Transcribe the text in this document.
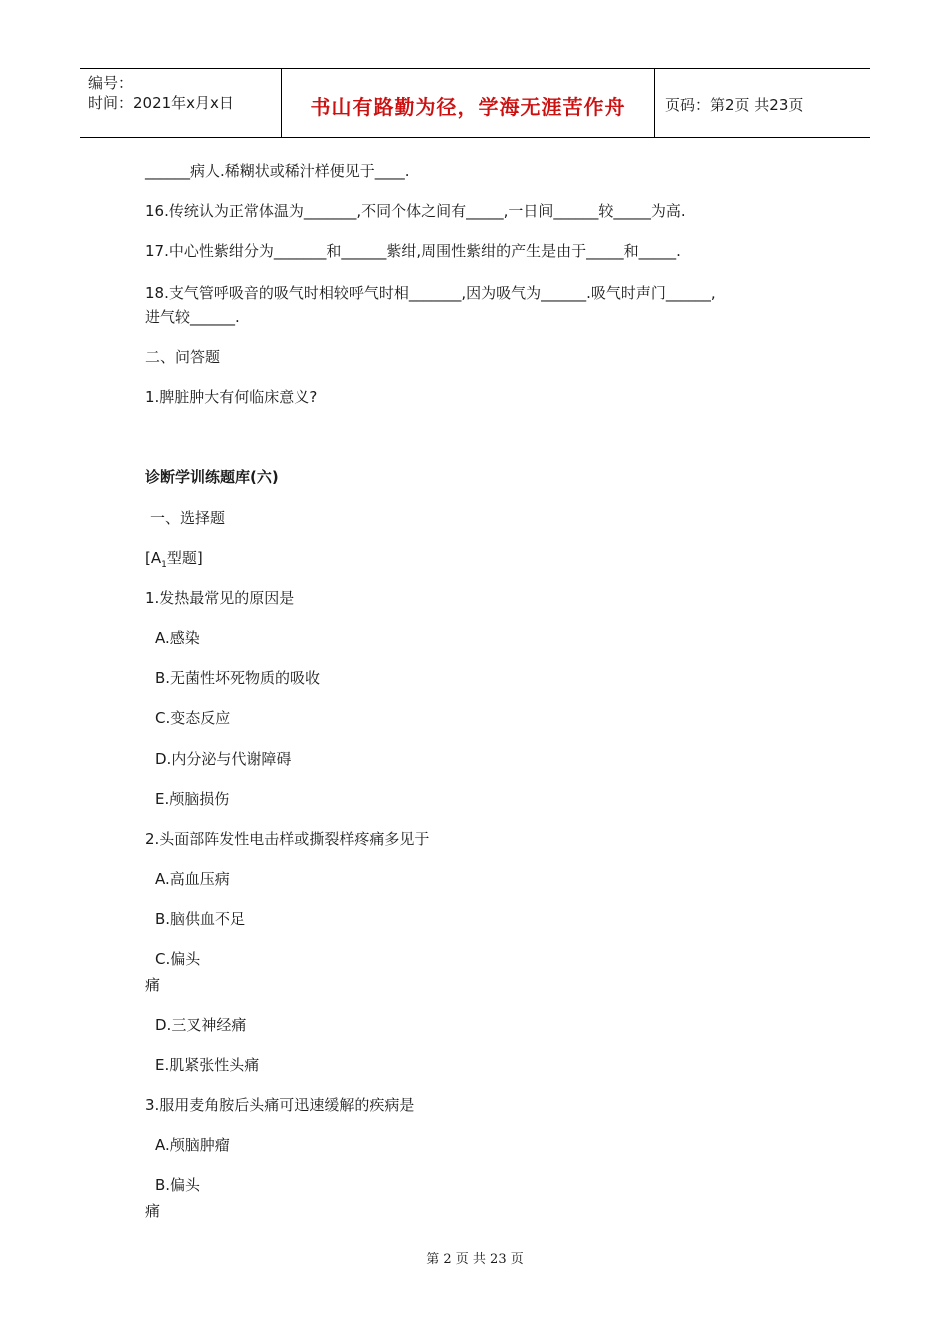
编号：
时间：2021年x月x日	书山有路勤为径，学海无涯苦作舟	页码：第2页 共23页
______病人.稀糊状或稀汁样便见于____.
16.传统认为正常体温为_______,不同个体之间有_____,一日间______较_____为高.
17.中心性紫绀分为_______和______紫绀,周围性紫绀的产生是由于_____和_____.
18.支气管呼吸音的吸气时相较呼气时相_______,因为吸气为______.吸气时声门______,
进气较______.
二、问答题
1.脾脏肿大有何临床意义?
诊断学训练题库(六)
一、选择题
[$A_1$型题]
1.发热最常见的原因是
A.感染
B.无菌性坏死物质的吸收
C.变态反应
D.内分泌与代谢障碍
E.颅脑损伤
2.头面部阵发性电击样或撕裂样疼痛多见于
A.高血压病
B.脑供血不足
C.偏头
痛
D.三叉神经痛
E.肌紧张性头痛
3.服用麦角胺后头痛可迅速缓解的疾病是
A.颅脑肿瘤
B.偏头
痛
第 2 页 共 23 页
